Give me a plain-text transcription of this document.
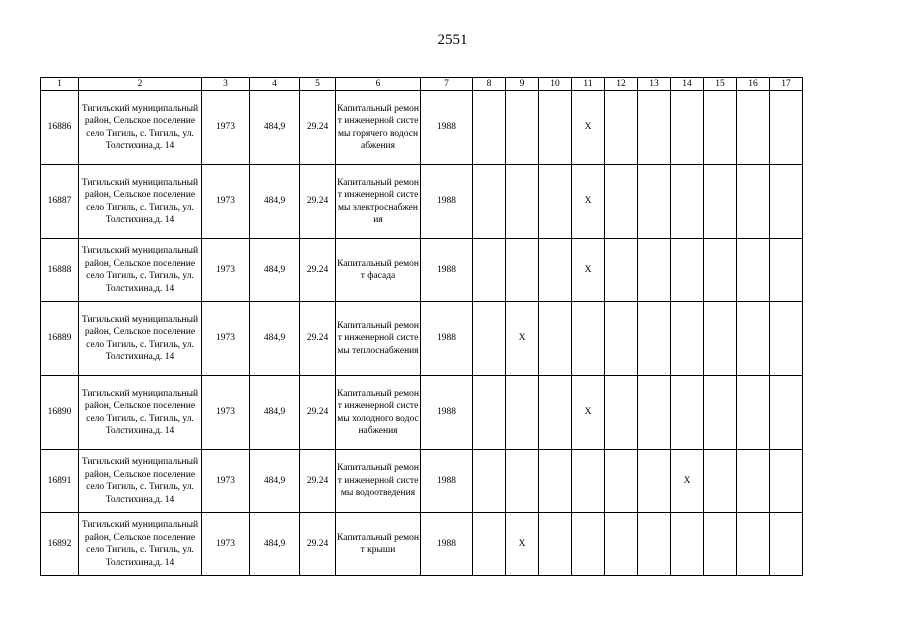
2551
1	2	3	4	5	6	7	8	9	10	11	12	13	14	15	16	17
16886	Тигильский муниципальный район, Сельское поселение село Тигиль, с. Тигиль, ул. Толстихина,д. 14	1973	484,9	29.24	Капитальный ремонт инженерной системы горячего водоснабжения	1988				X						
16887	Тигильский муниципальный район, Сельское поселение село Тигиль, с. Тигиль, ул. Толстихина,д. 14	1973	484,9	29.24	Капитальный ремонт инженерной системы электроснабжения	1988				X						
16888	Тигильский муниципальный район, Сельское поселение село Тигиль, с. Тигиль, ул. Толстихина,д. 14	1973	484,9	29.24	Капитальный ремонт фасада	1988				X						
16889	Тигильский муниципальный район, Сельское поселение село Тигиль, с. Тигиль, ул. Толстихина,д. 14	1973	484,9	29.24	Капитальный ремонт инженерной системы теплоснабжения	1988		X								
16890	Тигильский муниципальный район, Сельское поселение село Тигиль, с. Тигиль, ул. Толстихина,д. 14	1973	484,9	29.24	Капитальный ремонт инженерной системы холодного водоснабжения	1988				X						
16891	Тигильский муниципальный район, Сельское поселение село Тигиль, с. Тигиль, ул. Толстихина,д. 14	1973	484,9	29.24	Капитальный ремонт инженерной системы водоотведения	1988							X			
16892	Тигильский муниципальный район, Сельское поселение село Тигиль, с. Тигиль, ул. Толстихина,д. 14	1973	484,9	29.24	Капитальный ремонт крыши	1988		X								
